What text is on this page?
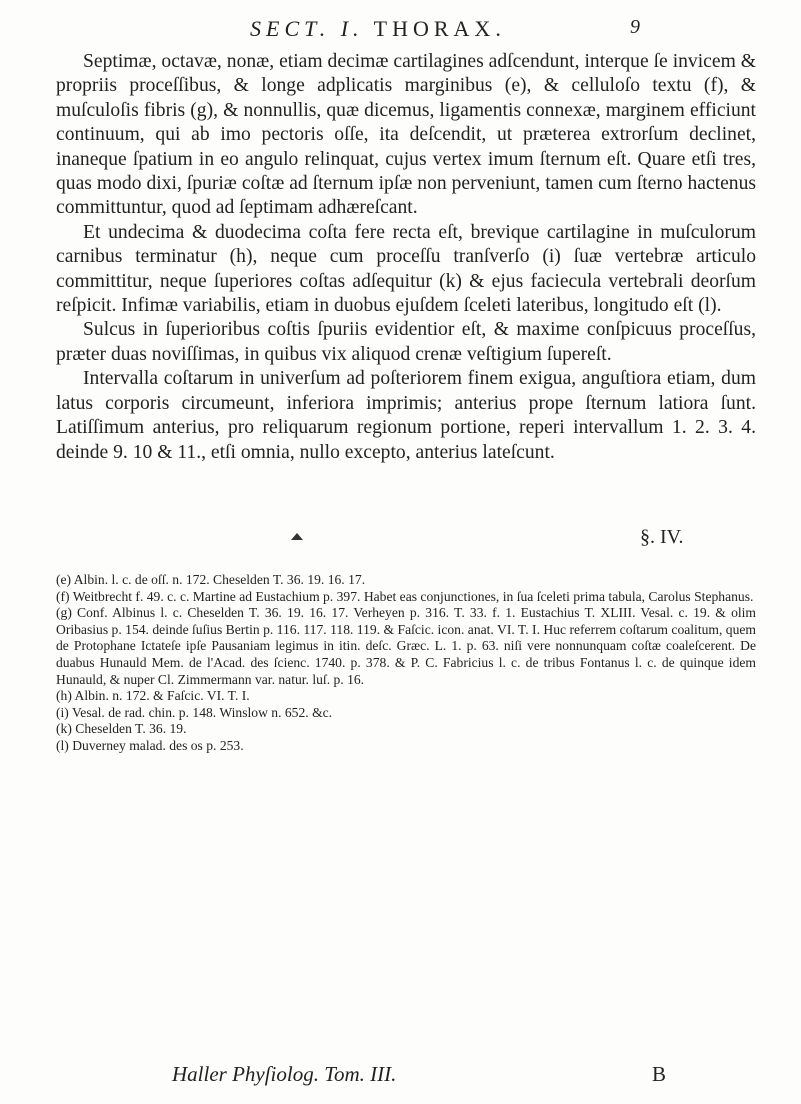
SECT. I. THORAX.	9

Septimæ, octavæ, nonæ, etiam decimæ cartilagines adſcendunt, interque ſe invicem & propriis proceſſibus, & longe adplicatis marginibus (e), & celluloſo textu (f), & muſculoſis fibris (g), & nonnullis, quæ dicemus, ligamentis connexæ, marginem efficiunt continuum, qui ab imo pectoris oſſe, ita deſcendit, ut præterea extrorſum declinet, inaneque ſpatium in eo angulo relinquat, cujus vertex imum ſternum eſt. Quare etſi tres, quas modo dixi, ſpuriæ coſtæ ad ſternum ipſæ non perveniunt, tamen cum ſterno hactenus committuntur, quod ad ſeptimam adhæreſcant.

Et undecima & duodecima coſta fere recta eſt, brevique cartilagine in muſculorum carnibus terminatur (h), neque cum proceſſu tranſverſo (i) ſuæ vertebræ articulo committitur, neque ſuperiores coſtas adſequitur (k) & ejus faciecula vertebrali deorſum reſpicit. Infimæ variabilis, etiam in duobus ejuſdem ſceleti lateribus, longitudo eſt (l).

Sulcus in ſuperioribus coſtis ſpuriis evidentior eſt, & maxime conſpicuus proceſſus, præter duas noviſſimas, in quibus vix aliquod crenæ veſtigium ſupereſt.

Intervalla coſtarum in univerſum ad poſteriorem finem exigua, anguſtiora etiam, dum latus corporis circumeunt, inferiora imprimis; anterius prope ſternum latiora ſunt. Latiſſimum anterius, pro reliquarum regionum portione, reperi intervallum 1. 2. 3. 4. deinde 9. 10 & 11., etſi omnia, nullo excepto, anterius lateſcunt.

§. IV.

(e) Albin. l. c. de oſſ. n. 172. Cheselden T. 36. 19. 16. 17.

(f) Weitbrecht f. 49. c. c. Martine ad Eustachium p. 397. Habet eas conjunctiones, in ſua ſceleti prima tabula, Carolus Stephanus.

(g) Conf. Albinus l. c. Cheselden T. 36. 19. 16. 17. Verheyen p. 316. T. 33. f. 1. Eustachius T. XLIII. Vesal. c. 19. & olim Oribasius p. 154. deinde ſuſius Bertin p. 116. 117. 118. 119. & Faſcic. icon. anat. VI. T. I. Huc referrem coſtarum coalitum, quem de Protophane Ictateſe ipſe Pausaniam legimus in itin. deſc. Græc. L. 1. p. 63. niſi vere nonnunquam coſtæ coaleſcerent. De duabus Hunauld Mem. de l'Acad. des ſcienc. 1740. p. 378. & P. C. Fabricius l. c. de tribus Fontanus l. c. de quinque idem Hunauld, & nuper Cl. Zimmermann var. natur. luſ. p. 16.

(h) Albin. n. 172. & Faſcic. VI. T. I.

(i) Vesal. de rad. chin. p. 148. Winslow n. 652. &c.

(k) Cheselden T. 36. 19.

(l) Duverney malad. des os p. 253.

Haller Phyſiolog. Tom. III.	B
